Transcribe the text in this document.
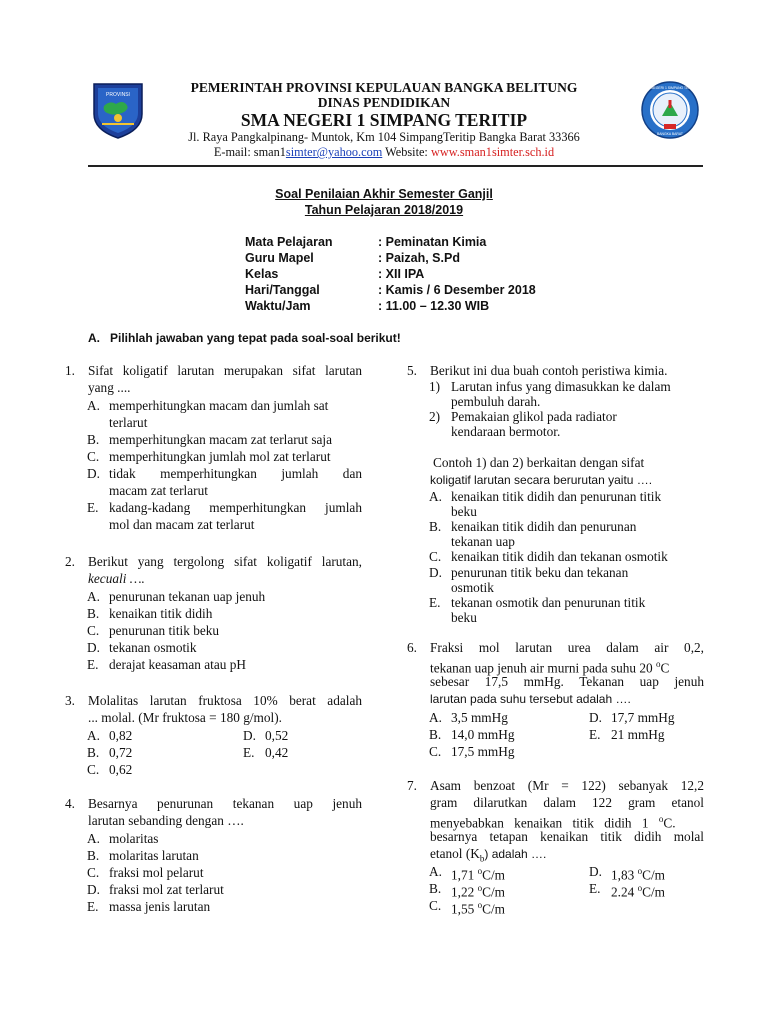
PROVINSI
SMA NEGERI 1 SIMPANG TERITIP
BANGKA BARAT
PEMERINTAH PROVINSI KEPULAUAN BANGKA BELITUNG
DINAS PENDIDIKAN
SMA NEGERI 1 SIMPANG TERITIP
Jl. Raya Pangkalpinang- Muntok, Km 104 SimpangTeritip Bangka Barat 33366
E-mail: sman1simter@yahoo.com Website: www.sman1simter.sch.id
Soal Penilaian Akhir Semester Ganjil
Tahun Pelajaran 2018/2019
Mata Pelajaran	: Peminatan Kimia
Guru Mapel	: Paizah, S.Pd
Kelas	: XII IPA
Hari/Tanggal	: Kamis / 6 Desember 2018
Waktu/Jam	: 11.00 – 12.30 WIB
A. Pilihlah jawaban yang tepat pada soal-soal berikut!
1. Sifat koligatif larutan merupakan sifat larutan
yang ....
A. memperhitungkan macam dan jumlah sat
terlarut
B. memperhitungkan macam zat terlarut saja
C. memperhitungkan jumlah mol zat terlarut
D. tidak memperhitungkan jumlah dan
macam zat terlarut
E. kadang-kadang memperhitungkan jumlah
mol dan macam zat terlarut
2. Berikut yang tergolong sifat koligatif larutan,
kecuali ….
A. penurunan tekanan uap jenuh
B. kenaikan titik didih
C. penurunan titik beku
D. tekanan osmotik
E. derajat keasaman atau pH
3. Molalitas larutan fruktosa 10% berat adalah
... molal. (Mr fruktosa = 180 g/mol).
A. 0,82	D. 0,52
B. 0,72	E. 0,42
C. 0,62
4. Besarnya penurunan tekanan uap jenuh
larutan sebanding dengan ….
A. molaritas
B. molaritas larutan
C. fraksi mol pelarut
D. fraksi mol zat terlarut
E. massa jenis larutan
5. Berikut ini dua buah contoh peristiwa kimia.
1) Larutan infus yang dimasukkan ke dalam
pembuluh darah.
2) Pemakaian glikol pada radiator
kendaraan bermotor.
Contoh 1) dan 2) berkaitan dengan sifat
koligatif larutan secara berurutan yaitu ….
A. kenaikan titik didih dan penurunan titik
beku
B. kenaikan titik didih dan penurunan
tekanan uap
C. kenaikan titik didih dan tekanan osmotik
D. penurunan titik beku dan tekanan
osmotik
E. tekanan osmotik dan penurunan titik
beku
6. Fraksi mol larutan urea dalam air 0,2,
tekanan uap jenuh air murni pada suhu 20 $^o$C
sebesar 17,5 mmHg. Tekanan uap jenuh
larutan pada suhu tersebut adalah ….
A. 3,5 mmHg	D. 17,7 mmHg
B. 14,0 mmHg	E. 21 mmHg
C. 17,5 mmHg
7. Asam benzoat (Mr = 122) sebanyak 12,2
gram dilarutkan dalam 122 gram etanol
menyebabkan kenaikan titik didih 1 $^o$C.
besarnya tetapan kenaikan titik didih molal
etanol $(K_b)$ adalah ….
A. 1,71 $^o$C/m	D. 1,83 $^o$C/m
B. 1,22 $^o$C/m	E. 2.24 $^o$C/m
C. 1,55 $^o$C/m
